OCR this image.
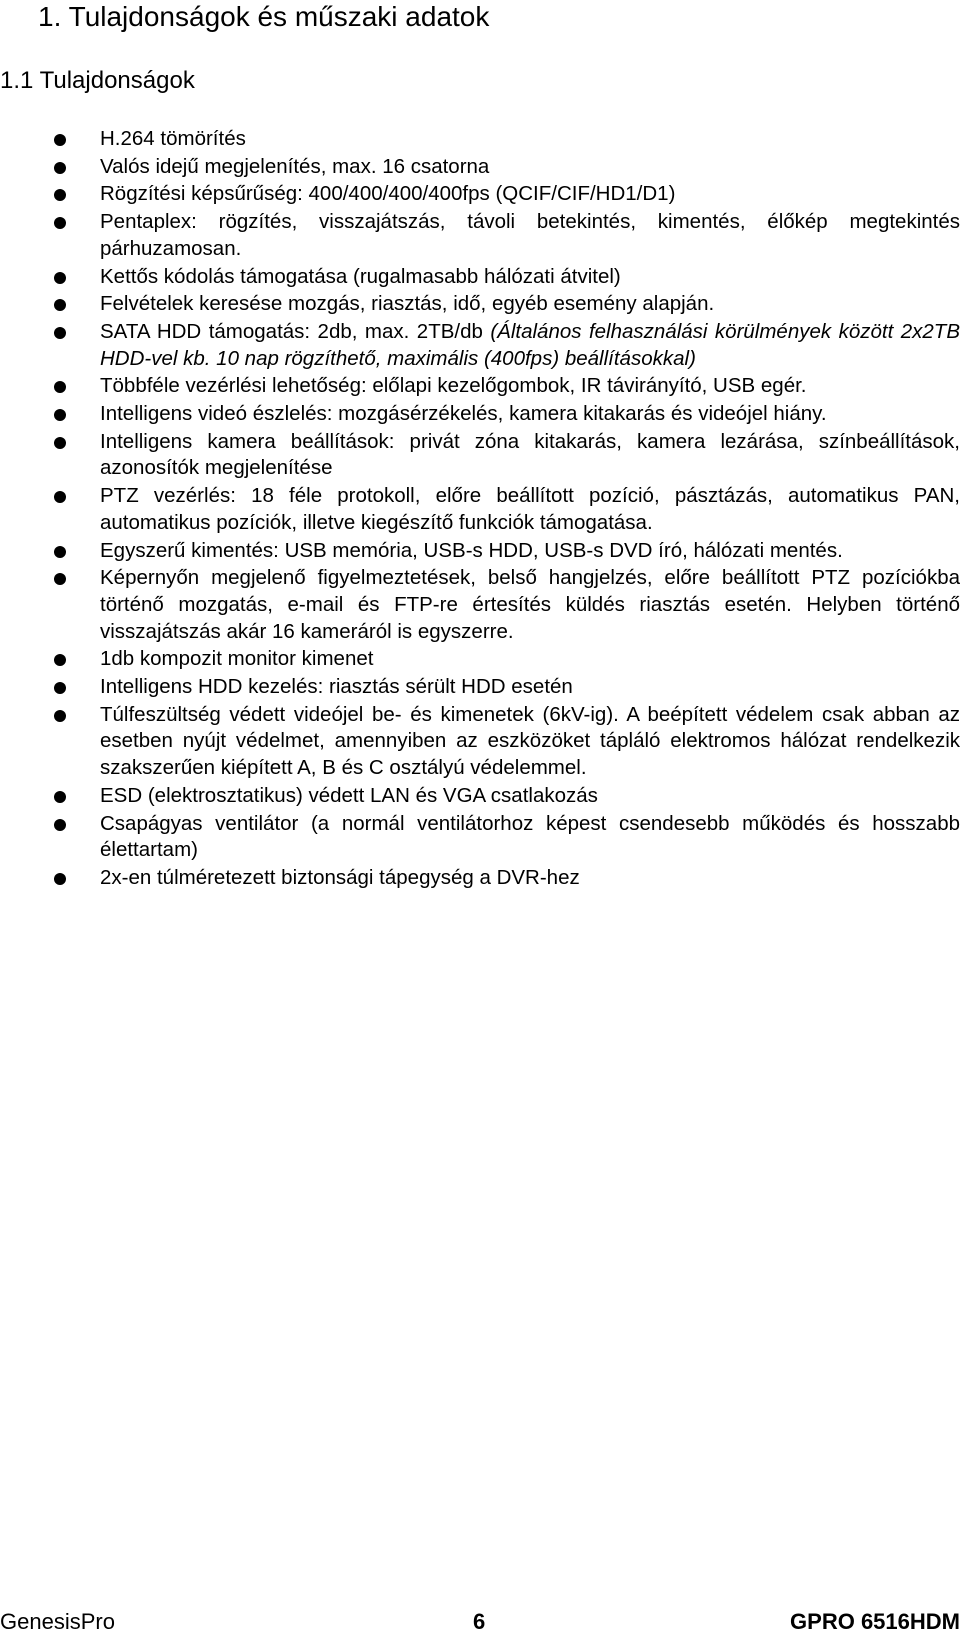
1. Tulajdonságok és műszaki adatok
1.1 Tulajdonságok
H.264 tömörítés
Valós idejű megjelenítés, max. 16 csatorna
Rögzítési képsűrűség: 400/400/400/400fps (QCIF/CIF/HD1/D1)
Pentaplex: rögzítés, visszajátszás, távoli betekintés, kimentés, élőkép megtekintés párhuzamosan.
Kettős kódolás támogatása (rugalmasabb hálózati átvitel)
Felvételek keresése mozgás, riasztás, idő, egyéb esemény alapján.
SATA HDD támogatás: 2db, max. 2TB/db (Általános felhasználási körülmények között 2x2TB HDD-vel kb. 10 nap rögzíthető, maximális (400fps) beállításokkal)
Többféle vezérlési lehetőség: előlapi kezelőgombok, IR távirányító, USB egér.
Intelligens videó észlelés: mozgásérzékelés, kamera kitakarás és videójel hiány.
Intelligens kamera beállítások: privát zóna kitakarás, kamera lezárása, színbeállítások, azonosítók megjelenítése
PTZ vezérlés: 18 féle protokoll, előre beállított pozíció, pásztázás, automatikus PAN, automatikus pozíciók, illetve kiegészítő funkciók támogatása.
Egyszerű kimentés: USB memória, USB-s HDD, USB-s DVD író, hálózati mentés.
Képernyőn megjelenő figyelmeztetések, belső hangjelzés, előre beállított PTZ pozíciókba történő mozgatás, e-mail és FTP-re értesítés küldés riasztás esetén. Helyben történő visszajátszás akár 16 kameráról is egyszerre.
1db kompozit monitor kimenet
Intelligens HDD kezelés: riasztás sérült HDD esetén
Túlfeszültség védett videójel be- és kimenetek (6kV-ig). A beépített védelem csak abban az esetben nyújt védelmet, amennyiben az eszközöket tápláló elektromos hálózat rendelkezik szakszerűen kiépített A, B és C osztályú védelemmel.
ESD (elektrosztatikus) védett LAN és VGA csatlakozás
Csapágyas ventilátor (a normál ventilátorhoz képest csendesebb működés és hosszabb élettartam)
2x-en túlméretezett biztonsági tápegység a DVR-hez
GenesisPro	6	GPRO 6516HDM
